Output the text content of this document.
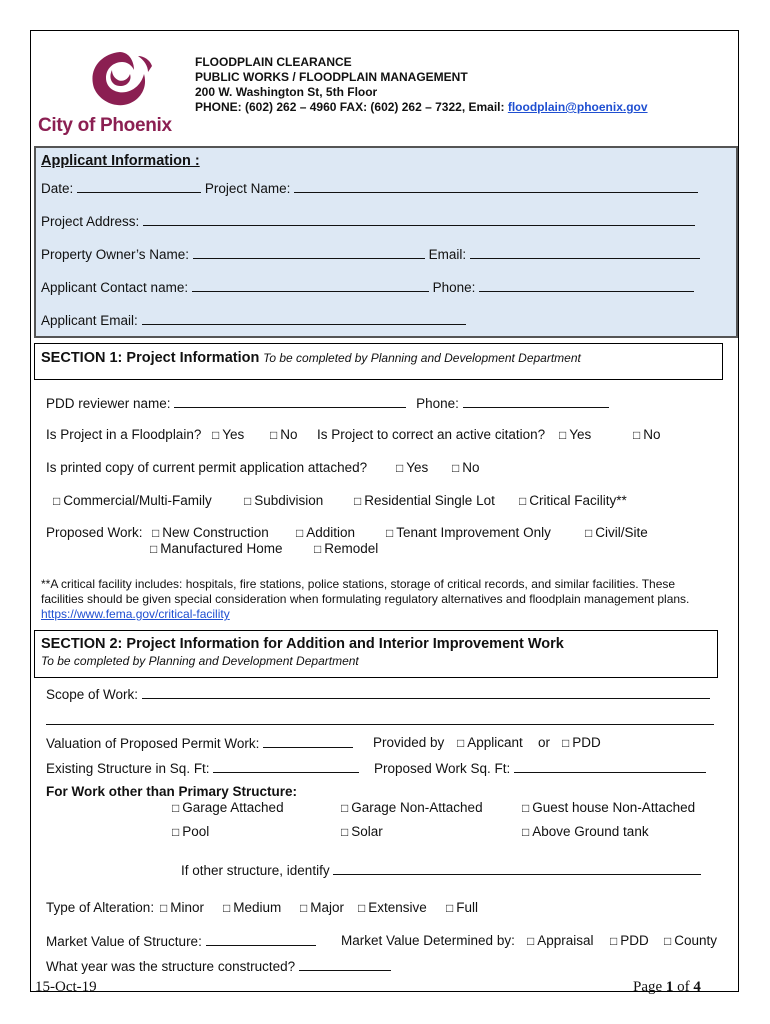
City of Phoenix
FLOODPLAIN CLEARANCE
PUBLIC WORKS / FLOODPLAIN MANAGEMENT
200 W. Washington St, 5th Floor
PHONE: (602) 262 – 4960 FAX: (602) 262 – 7322, Email: floodplain@phoenix.gov
Applicant Information :
Date:	Project Name:
Project Address:
Property Owner’s Name:	Email:
Applicant Contact name:	Phone:
Applicant Email:
SECTION 1: Project Information To be completed by Planning and Development Department
PDD reviewer name:	Phone:
Is Project in a Floodplain? □ Yes □ No Is Project to correct an active citation? □ Yes	□ No
Is printed copy of current permit application attached? □ Yes □ No
□ Commercial/Multi-Family	□ Subdivision	□ Residential Single Lot □ Critical Facility**
Proposed Work: □ New Construction □ Addition	□ Tenant Improvement Only	□ Civil/Site
□ Manufactured Home	□ Remodel
**A critical facility includes: hospitals, fire stations, police stations, storage of critical records, and similar facilities. These facilities should be given special consideration when formulating regulatory alternatives and floodplain management plans. https://www.fema.gov/critical-facility
SECTION 2: Project Information for Addition and Interior Improvement Work
To be completed by Planning and Development Department
Scope of Work:
Valuation of Proposed Permit Work:	Provided by □ Applicant or □ PDD
Existing Structure in Sq. Ft:	Proposed Work Sq. Ft:
For Work other than Primary Structure:
□ Garage Attached	□ Garage Non-Attached	□ Guest house Non-Attached
□ Pool	□ Solar	□ Above Ground tank
If other structure, identify
Type of Alteration: □ Minor □ Medium □ Major □ Extensive □ Full
Market Value of Structure:	Market Value Determined by: □ Appraisal □ PDD □ County
What year was the structure constructed?
15-Oct-19	Page 1 of 4
